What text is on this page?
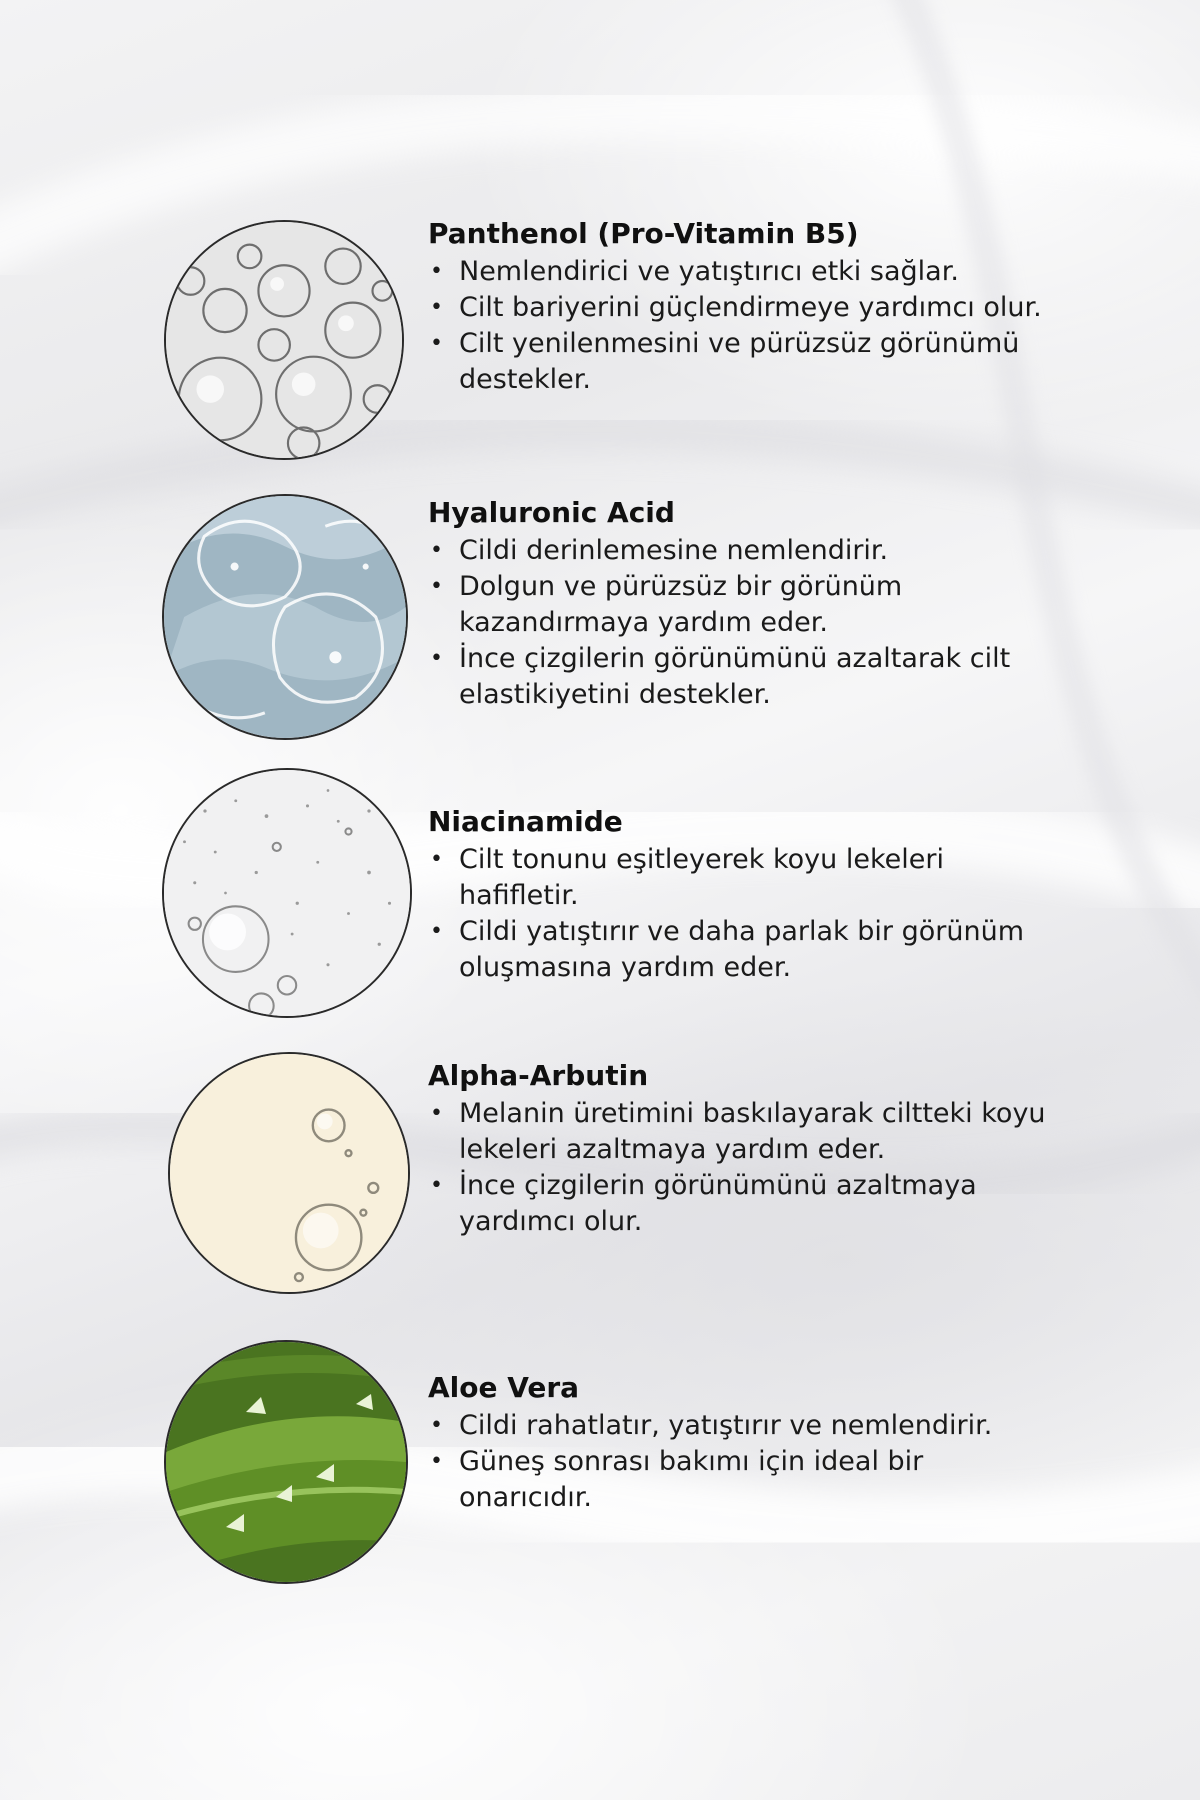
Panthenol (Pro-Vitamin B5)
• Nemlendirici ve yatıştırıcı etki sağlar.
• Cilt bariyerini güçlendirmeye yardımcı olur.
• Cilt yenilenmesini ve pürüzsüz görünümü destekler.
Hyaluronic Acid
• Cildi derinlemesine nemlendirir.
• Dolgun ve pürüzsüz bir görünüm kazandırmaya yardım eder.
• İnce çizgilerin görünümünü azaltarak cilt elastikiyetini destekler.
Niacinamide
• Cilt tonunu eşitleyerek koyu lekeleri hafifletir.
• Cildi yatıştırır ve daha parlak bir görünüm oluşmasına yardım eder.
Alpha-Arbutin
• Melanin üretimini baskılayarak ciltteki koyu lekeleri azaltmaya yardım eder.
• İnce çizgilerin görünümünü azaltmaya yardımcı olur.
Aloe Vera
• Cildi rahatlatır, yatıştırır ve nemlendirir.
• Güneş sonrası bakımı için ideal bir onarıcıdır.
